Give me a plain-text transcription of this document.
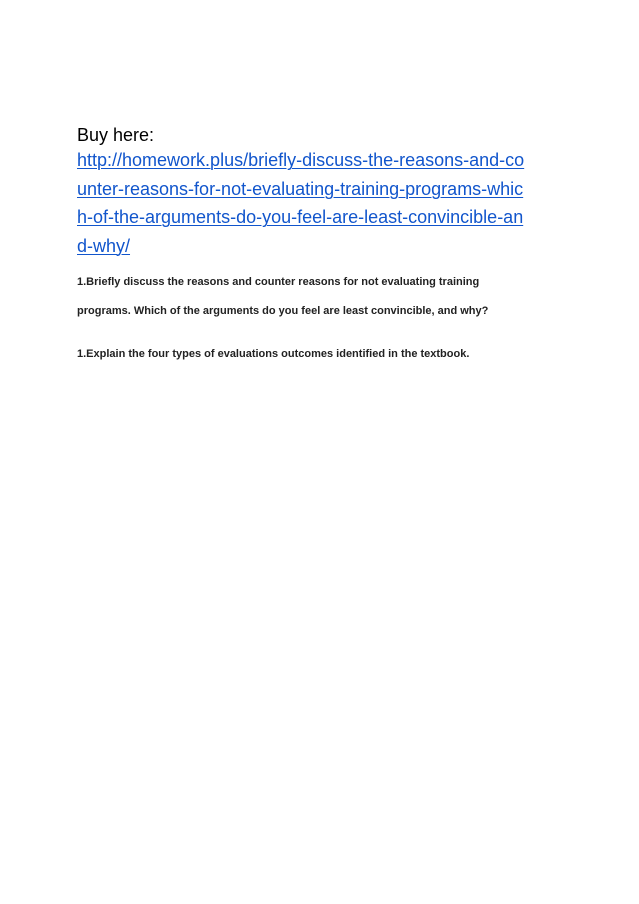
Buy here:
http://homework.plus/briefly-discuss-the-reasons-and-co
unter-reasons-for-not-evaluating-training-programs-whic
h-of-the-arguments-do-you-feel-are-least-convincible-an
d-why/
1.Briefly discuss the reasons and counter reasons for not evaluating training
programs. Which of the arguments do you feel are least convincible, and why?
1.Explain the four types of evaluations outcomes identified in the textbook.
